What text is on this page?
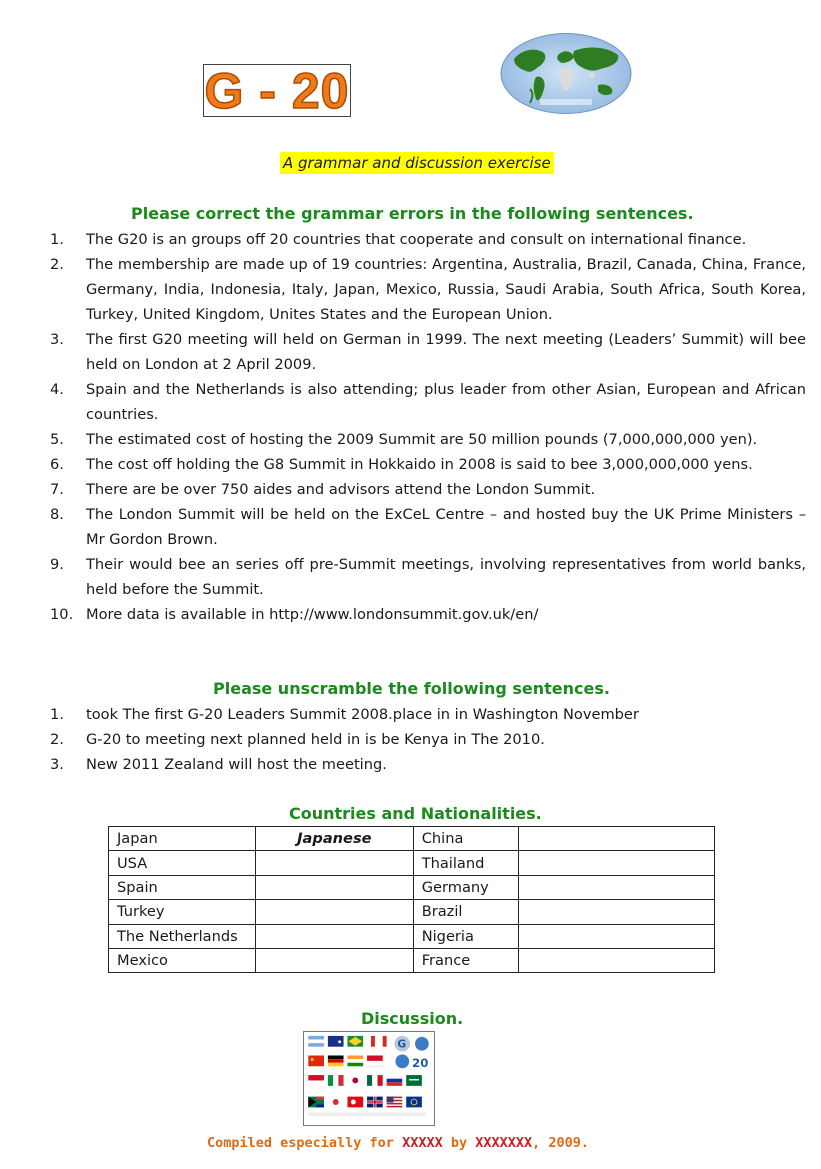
G - 20
A grammar and discussion exercise
Please correct the grammar errors in the following sentences.
1.	The G20 is an groups off 20 countries that cooperate and consult on international finance.
2.	The membership are made up of 19 countries: Argentina, Australia, Brazil, Canada, China, France, Germany, India, Indonesia, Italy, Japan, Mexico, Russia, Saudi Arabia, South Africa, South Korea, Turkey, United Kingdom, Unites States and the European Union.
3.	The first G20 meeting will held on German in 1999. The next meeting (Leaders’ Summit) will bee held on London at 2 April 2009.
4.	Spain and the Netherlands is also attending; plus leader from other Asian, European and African countries.
5.	The estimated cost of hosting the 2009 Summit are 50 million pounds (7,000,000,000 yen).
6.	The cost off holding the G8 Summit in Hokkaido in 2008 is said to bee 3,000,000,000 yens.
7.	There are be over 750 aides and advisors attend the London Summit.
8.	The London Summit will be held on the ExCeL Centre – and hosted buy the UK Prime Ministers – Mr Gordon Brown.
9.	Their would bee an series off pre-Summit meetings, involving representatives from world banks, held before the Summit.
10. More data is available in http://www.londonsummit.gov.uk/en/
Please unscramble the following sentences.
1.	took The first G-20 Leaders Summit 2008.place in in Washington November
2.	G-20 to meeting next planned held in is be Kenya in The 2010.
3.	New 2011 Zealand will host the meeting.
Countries and Nationalities.
Japan	Japanese	China	
USA		Thailand	
Spain		Germany	
Turkey		Brazil	
The Netherlands		Nigeria	
Mexico		France	
Discussion.
G
20
Compiled especially for XXXXX by XXXXXXX, 2009.
